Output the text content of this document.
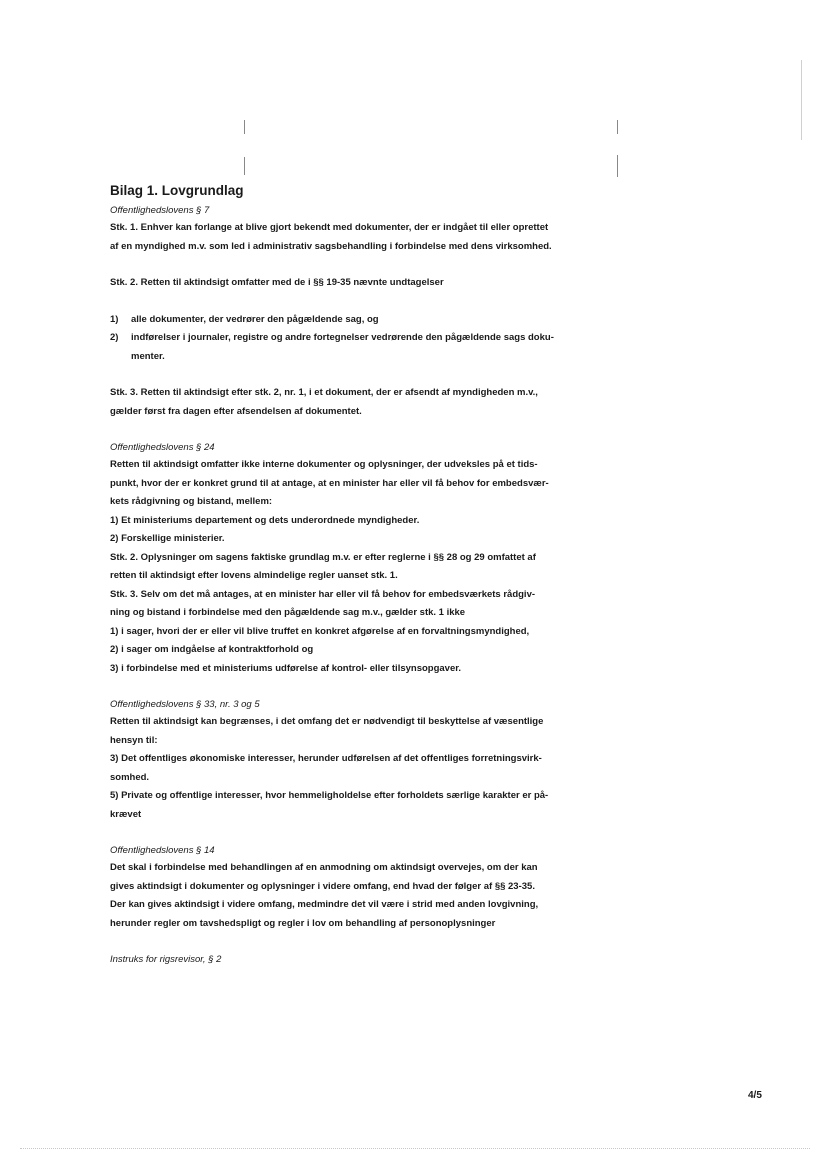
Bilag 1. Lovgrundlag

Offentlighedslovens § 7

Stk. 1. Enhver kan forlange at blive gjort bekendt med dokumenter, der er indgået til eller oprettet

af en myndighed m.v. som led i administrativ sagsbehandling i forbindelse med dens virksomhed.

Stk. 2. Retten til aktindsigt omfatter med de i §§ 19-35 nævnte undtagelser

1)	alle dokumenter, der vedrører den pågældende sag, og
2)	indførelser i journaler, registre og andre fortegnelser vedrørende den pågældende sags doku-
menter.

Stk. 3. Retten til aktindsigt efter stk. 2, nr. 1, i et dokument, der er afsendt af myndigheden m.v.,

gælder først fra dagen efter afsendelsen af dokumentet.

Offentlighedslovens § 24

Retten til aktindsigt omfatter ikke interne dokumenter og oplysninger, der udveksles på et tids-

punkt, hvor der er konkret grund til at antage, at en minister har eller vil få behov for embedsvær-

kets rådgivning og bistand, mellem:

1) Et ministeriums departement og dets underordnede myndigheder.

2) Forskellige ministerier.

Stk. 2. Oplysninger om sagens faktiske grundlag m.v. er efter reglerne i §§ 28 og 29 omfattet af

retten til aktindsigt efter lovens almindelige regler uanset stk. 1.

Stk. 3. Selv om det må antages, at en minister har eller vil få behov for embedsværkets rådgiv-

ning og bistand i forbindelse med den pågældende sag m.v., gælder stk. 1 ikke

1) i sager, hvori der er eller vil blive truffet en konkret afgørelse af en forvaltningsmyndighed,

2) i sager om indgåelse af kontraktforhold og

3) i forbindelse med et ministeriums udførelse af kontrol- eller tilsynsopgaver.

Offentlighedslovens § 33, nr. 3 og 5

Retten til aktindsigt kan begrænses, i det omfang det er nødvendigt til beskyttelse af væsentlige

hensyn til:

3) Det offentliges økonomiske interesser, herunder udførelsen af det offentliges forretningsvirk-

somhed.

5) Private og offentlige interesser, hvor hemmeligholdelse efter forholdets særlige karakter er på-

krævet

Offentlighedslovens § 14

Det skal i forbindelse med behandlingen af en anmodning om aktindsigt overvejes, om der kan

gives aktindsigt i dokumenter og oplysninger i videre omfang, end hvad der følger af §§ 23-35.

Der kan gives aktindsigt i videre omfang, medmindre det vil være i strid med anden lovgivning,

herunder regler om tavshedspligt og regler i lov om behandling af personoplysninger

Instruks for rigsrevisor, § 2

4/5
